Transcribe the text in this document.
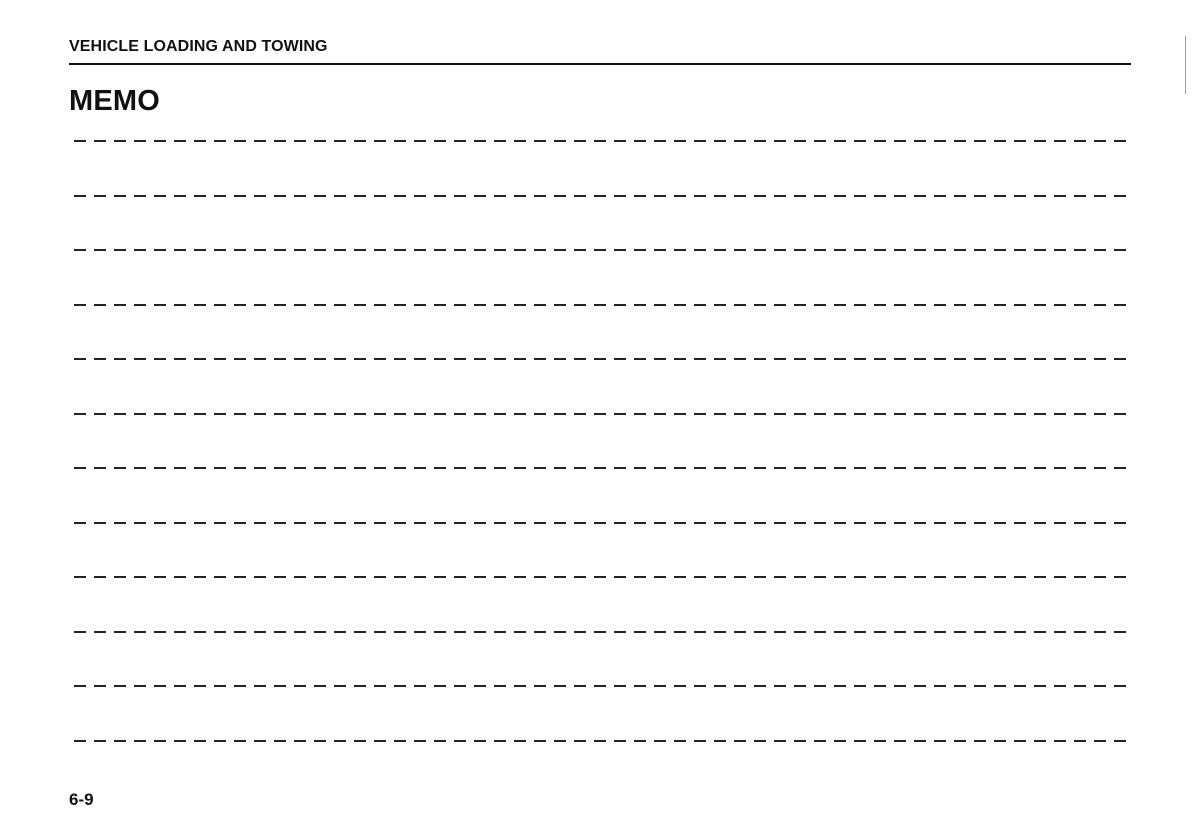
VEHICLE LOADING AND TOWING
MEMO
6-9
